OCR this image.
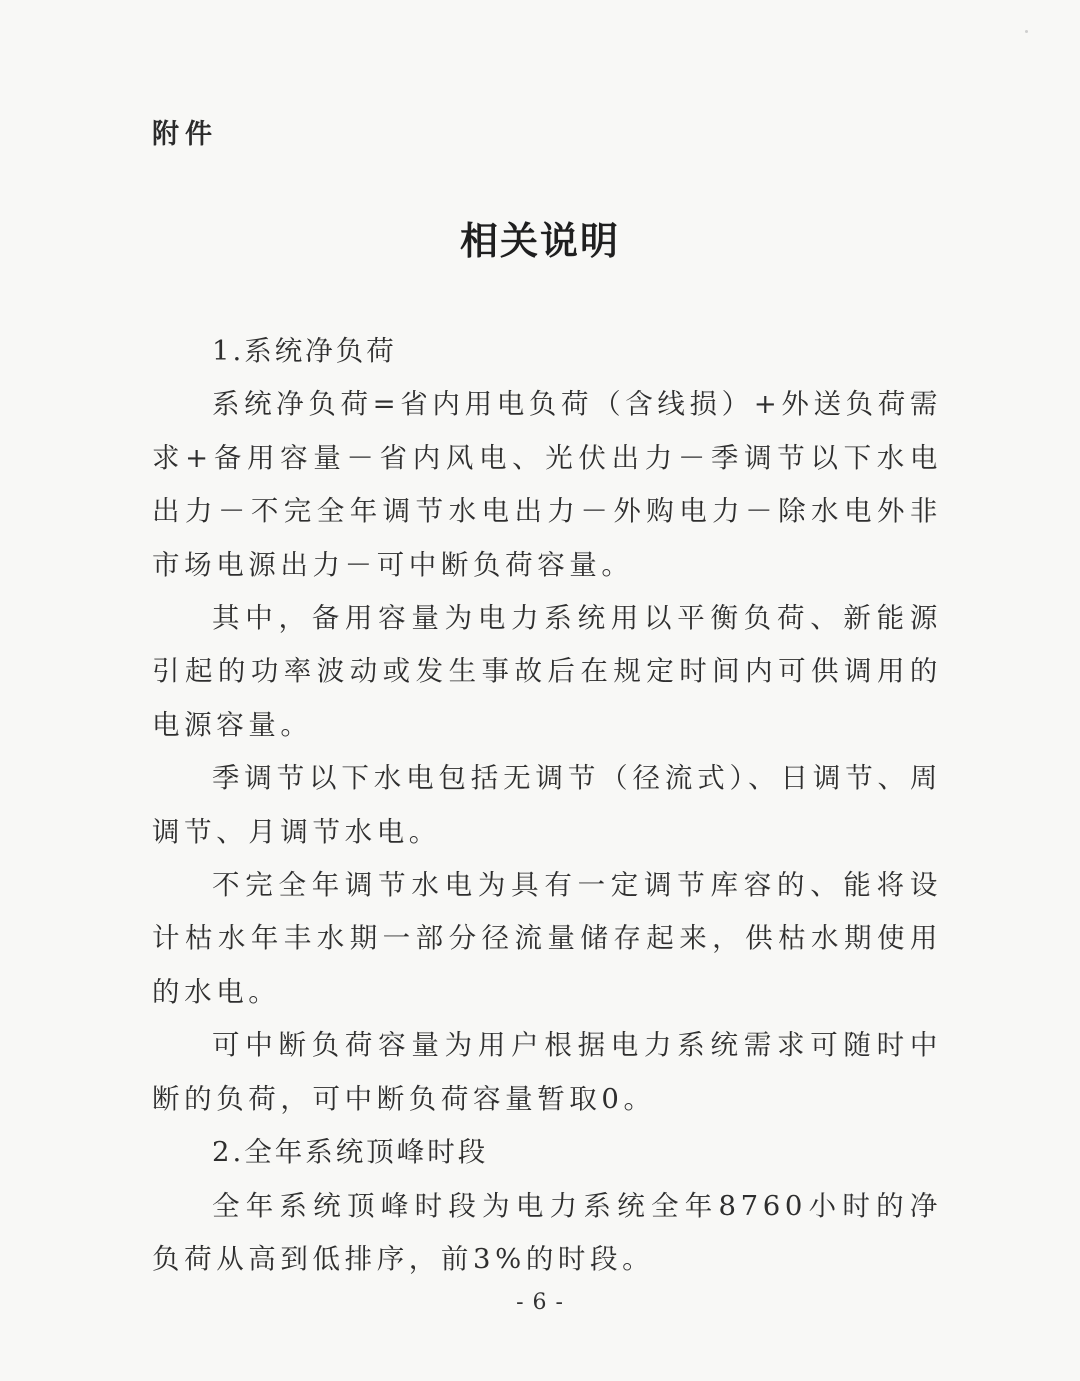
附件
相关说明

1.系统净负荷

系统净负荷=省内用电负荷（含线损）+外送负荷需求+备用容量－省内风电、光伏出力－季调节以下水电出力－不完全年调节水电出力－外购电力－除水电外非市场电源出力－可中断负荷容量。

其中，备用容量为电力系统用以平衡负荷、新能源引起的功率波动或发生事故后在规定时间内可供调用的电源容量。

季调节以下水电包括无调节（径流式）、日调节、周调节、月调节水电。

不完全年调节水电为具有一定调节库容的、能将设计枯水年丰水期一部分径流量储存起来，供枯水期使用的水电。

可中断负荷容量为用户根据电力系统需求可随时中断的负荷，可中断负荷容量暂取0。

2.全年系统顶峰时段

全年系统顶峰时段为电力系统全年8760小时的净负荷从高到低排序，前3%的时段。

- 6 -
